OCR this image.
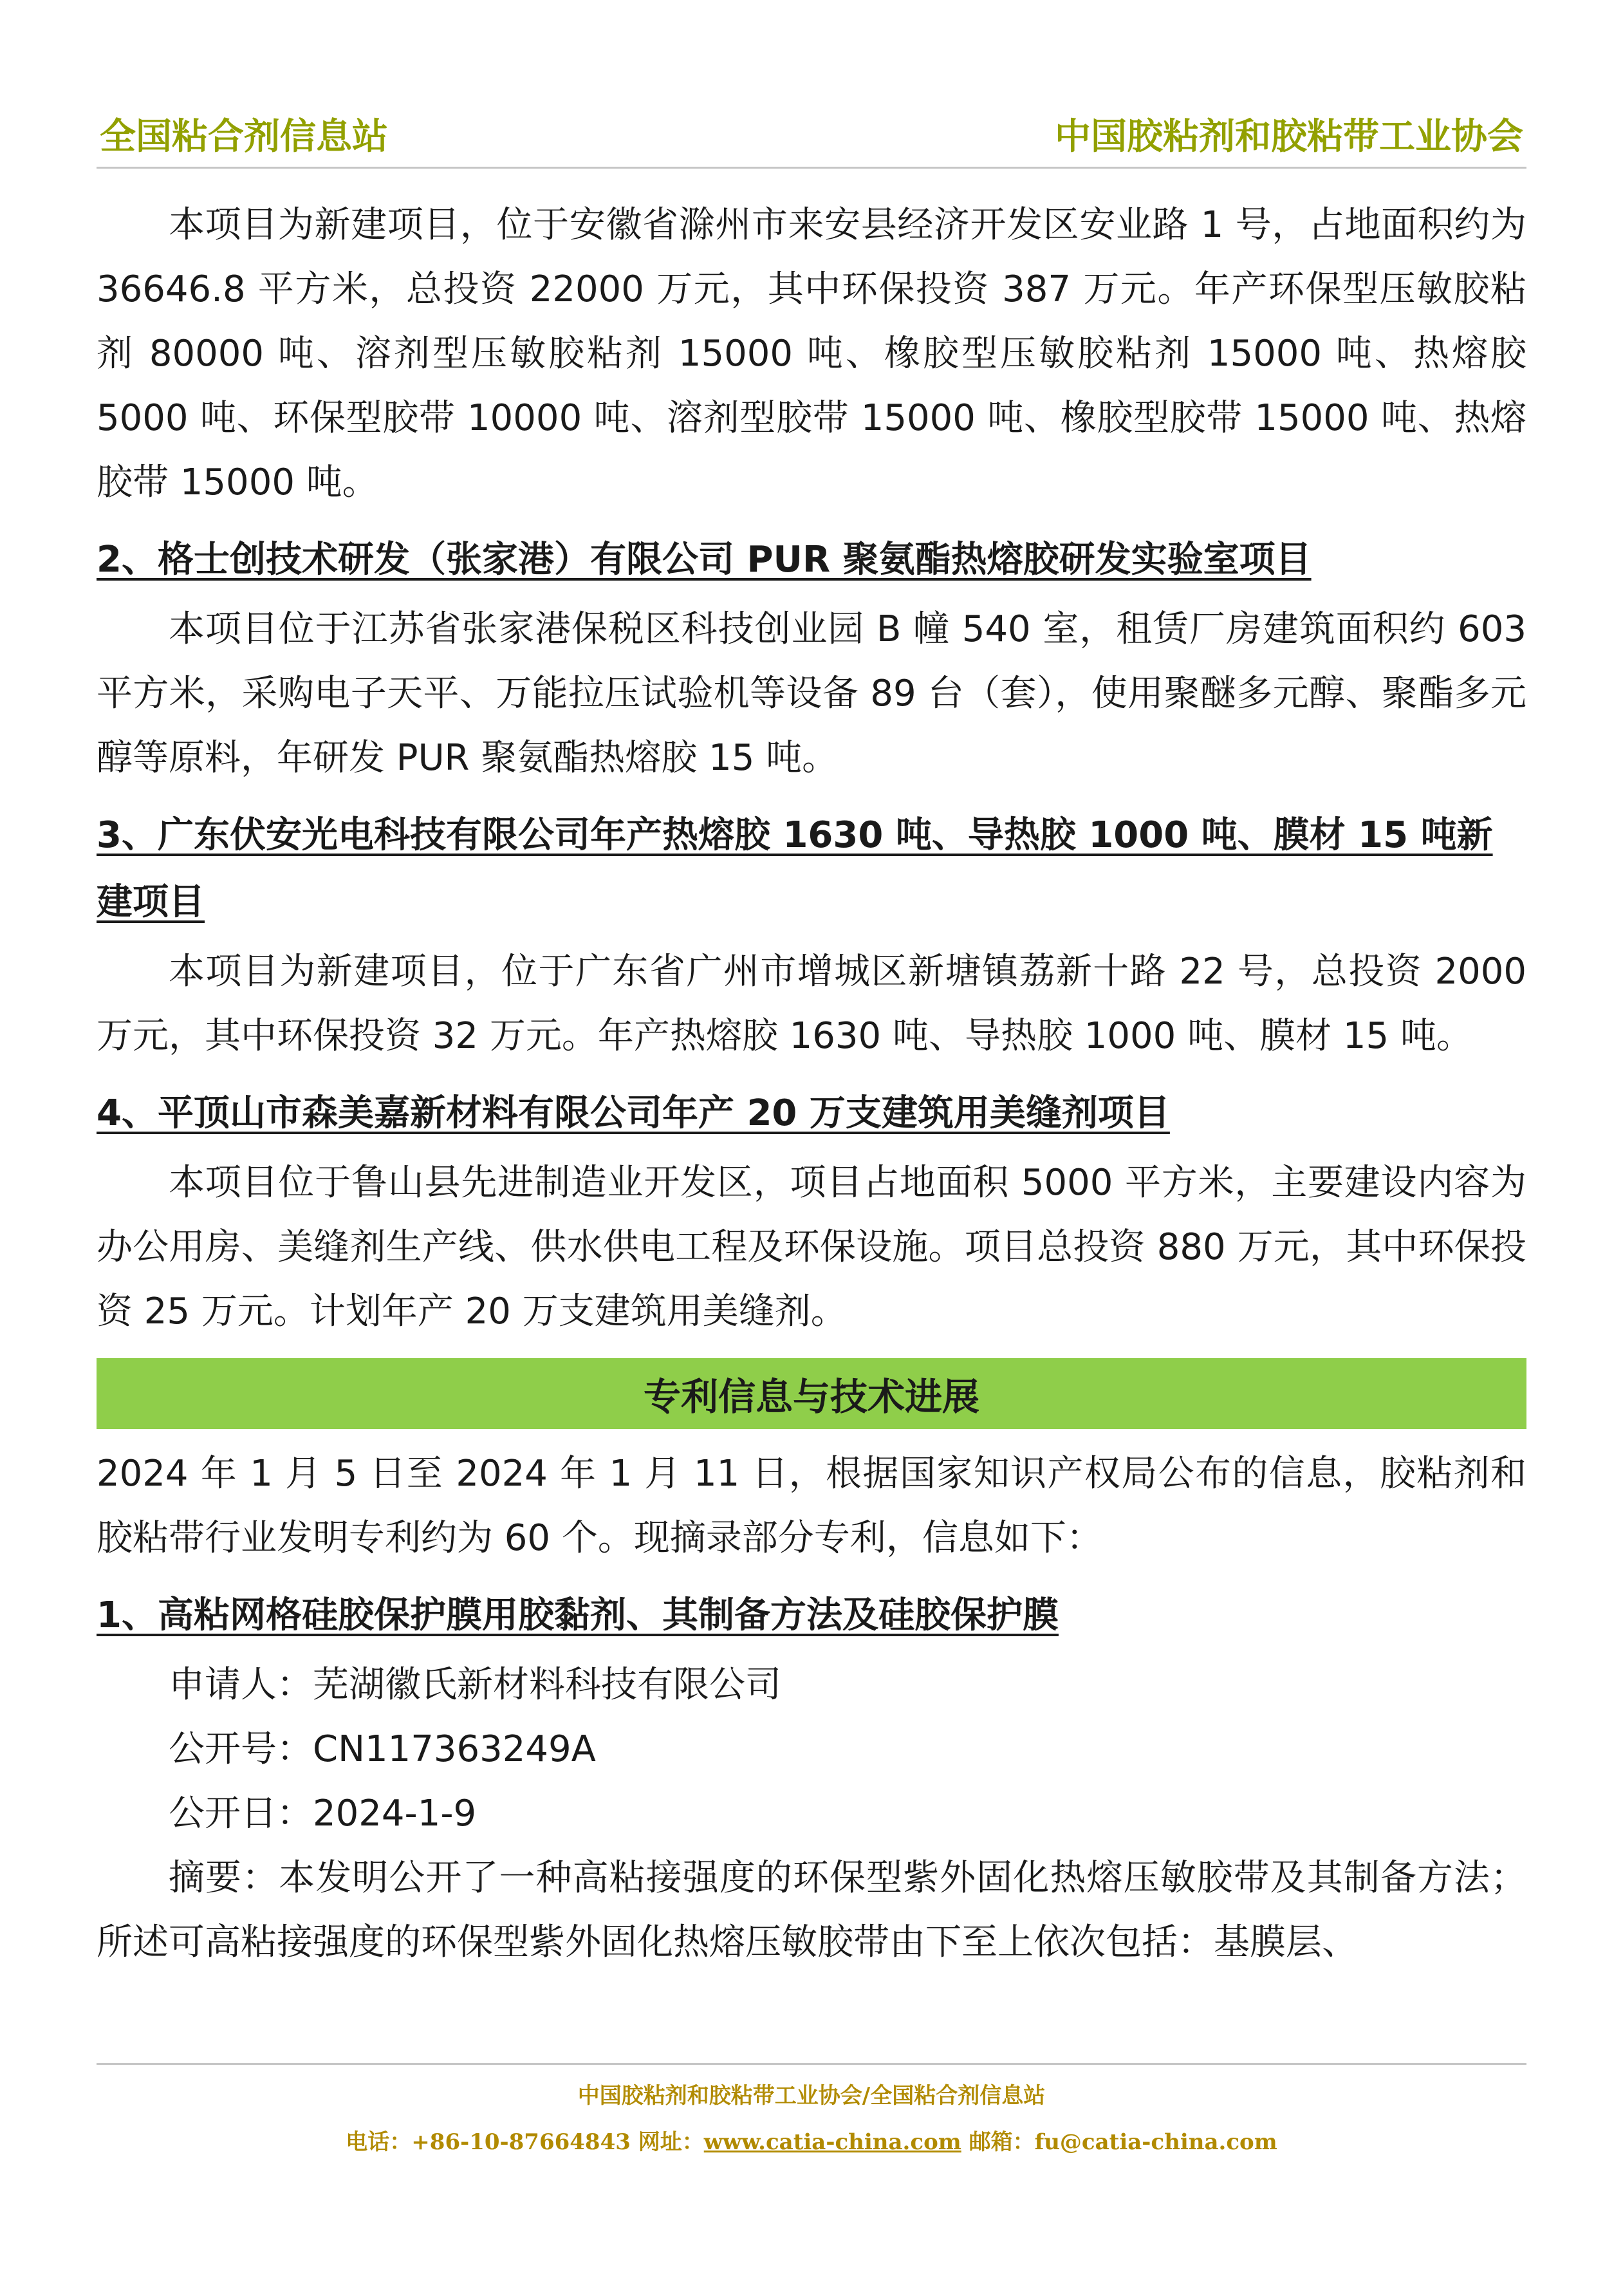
全国粘合剂信息站	中国胶粘剂和胶粘带工业协会

本项目为新建项目，位于安徽省滁州市来安县经济开发区安业路 1 号，占地面积约为 36646.8 平方米，总投资 22000 万元，其中环保投资 387 万元。年产环保型压敏胶粘剂 80000 吨、溶剂型压敏胶粘剂 15000 吨、橡胶型压敏胶粘剂 15000 吨、热熔胶 5000 吨、环保型胶带 10000 吨、溶剂型胶带 15000 吨、橡胶型胶带 15000 吨、热熔胶带 15000 吨。

2、格士创技术研发（张家港）有限公司 PUR 聚氨酯热熔胶研发实验室项目

本项目位于江苏省张家港保税区科技创业园 B 幢 540 室，租赁厂房建筑面积约 603 平方米，采购电子天平、万能拉压试验机等设备 89 台（套），使用聚醚多元醇、聚酯多元醇等原料，年研发 PUR 聚氨酯热熔胶 15 吨。

3、广东伏安光电科技有限公司年产热熔胶 1630 吨、导热胶 1000 吨、膜材 15 吨新建项目

本项目为新建项目，位于广东省广州市增城区新塘镇荔新十路 22 号，总投资 2000 万元，其中环保投资 32 万元。年产热熔胶 1630 吨、导热胶 1000 吨、膜材 15 吨。

4、平顶山市森美嘉新材料有限公司年产 20 万支建筑用美缝剂项目

本项目位于鲁山县先进制造业开发区，项目占地面积 5000 平方米，主要建设内容为办公用房、美缝剂生产线、供水供电工程及环保设施。项目总投资 880 万元，其中环保投资 25 万元。计划年产 20 万支建筑用美缝剂。

专利信息与技术进展

2024 年 1 月 5 日至 2024 年 1 月 11 日，根据国家知识产权局公布的信息，胶粘剂和胶粘带行业发明专利约为 60 个。现摘录部分专利，信息如下：

1、高粘网格硅胶保护膜用胶黏剂、其制备方法及硅胶保护膜

申请人：芜湖徽氏新材料科技有限公司

公开号：CN117363249A

公开日：2024-1-9

摘要：本发明公开了一种高粘接强度的环保型紫外固化热熔压敏胶带及其制备方法；所述可高粘接强度的环保型紫外固化热熔压敏胶带由下至上依次包括：基膜层、

中国胶粘剂和胶粘带工业协会/全国粘合剂信息站
电话：+86-10-87664843 网址：www.catia-china.com 邮箱：fu@catia-china.com
